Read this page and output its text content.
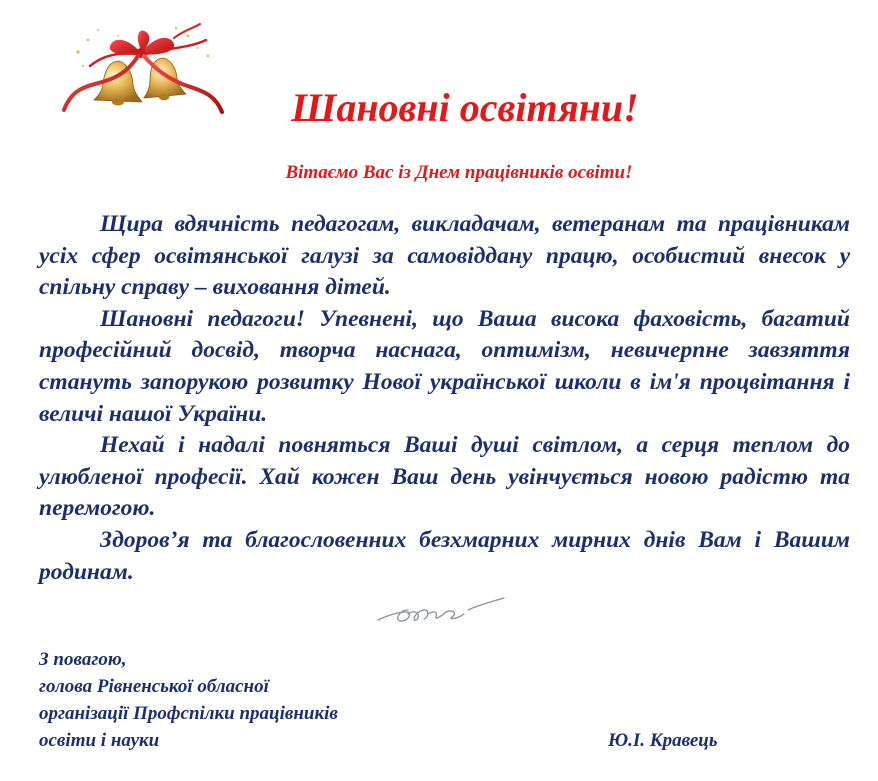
Шановні освітяни!
Вітаємо Вас із Днем працівників освіти!

Щира вдячність педагогам, викладачам, ветеранам та працівникам усіх сфер освітянської галузі за самовіддану працю, особистий внесок у спільну справу – виховання дітей.

Шановні педагоги! Упевнені, що Ваша висока фаховість, багатий професійний досвід, творча наснага, оптимізм, невичерпне завзяття стануть запорукою розвитку Нової української школи в ім'я процвітання і величі нашої України.

Нехай і надалі повняться Ваші душі світлом, а серця теплом до улюбленої професії. Хай кожен Ваш день увінчується новою радістю та перемогою.

Здоров’я та благословенних безхмарних мирних днів Вам і Вашим родинам.

З повагою,
голова Рівненської обласної
організації Профспілки працівників
освіти і науки	Ю.І. Кравець
